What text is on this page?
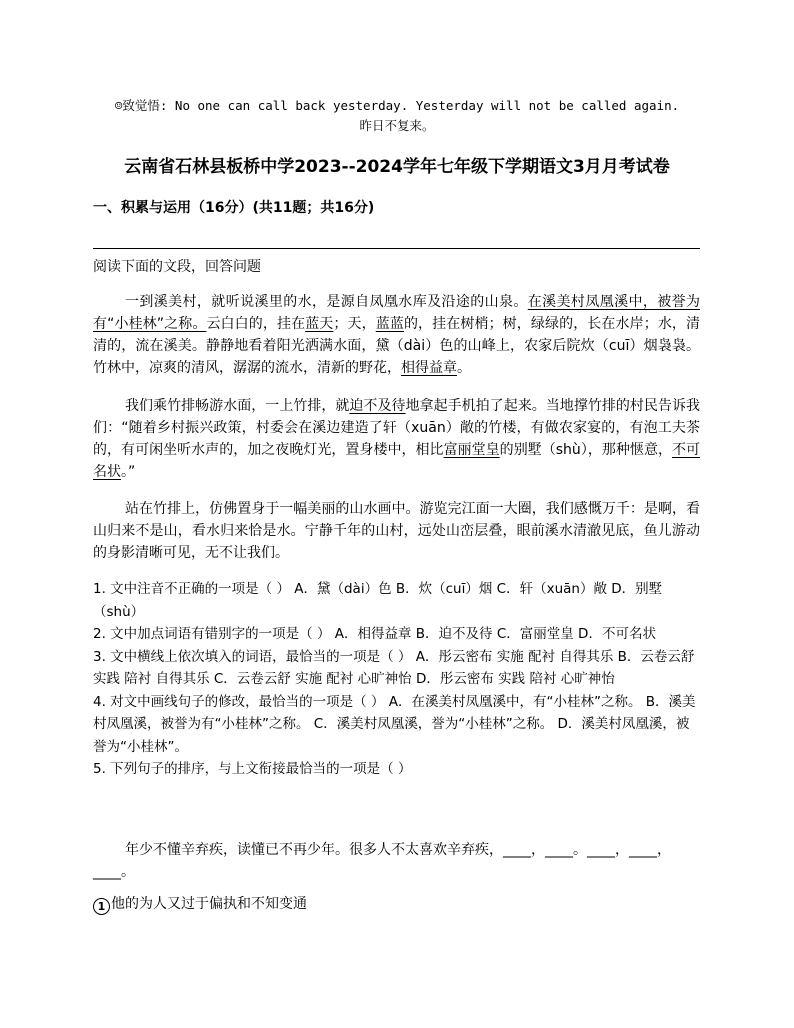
☺致觉悟: No one can call back yesterday. Yesterday will not be called again.昨日不复来。
云南省石林县板桥中学2023--2024学年七年级下学期语文3月月考试卷
一、积累与运用（16分）(共11题；共16分)
阅读下面的文段，回答问题
一到溪美村，就听说溪里的水，是源自凤凰水库及沿途的山泉。在溪美村凤凰溪中，被誉为有“小桂林”之称。云白白的，挂在蓝天；天，蓝蓝的，挂在树梢；树，绿绿的，长在水岸；水，清清的，流在溪美。静静地看着阳光洒满水面，黛（dài）色的山峰上，农家后院炊（cuī）烟袅袅。竹林中，凉爽的清风，潺潺的流水，清新的野花，相得益章。
我们乘竹排畅游水面，一上竹排，就迫不及待地拿起手机拍了起来。当地撑竹排的村民告诉我们：“随着乡村振兴政策，村委会在溪边建造了轩（xuān）敞的竹楼，有做农家宴的，有泡工夫茶的，有可闲坐听水声的，加之夜晚灯光，置身楼中，相比富丽堂皇的别墅（shù），那种惬意，不可名状。”
站在竹排上，仿佛置身于一幅美丽的山水画中。游览完江面一大圈，我们感慨万千：是啊，看山归来不是山，看水归来恰是水。宁静千年的山村，远处山峦层叠，眼前溪水清澈见底，鱼儿游动的身影清晰可见，无不让我们。
1. 文中注音不正确的一项是（ ） A．黛（dài）色 B．炊（cuī）烟 C．轩（xuān）敞 D．别墅（shù）
2. 文中加点词语有错别字的一项是（ ） A．相得益章 B．迫不及待 C．富丽堂皇 D．不可名状
3. 文中横线上依次填入的词语，最恰当的一项是（ ） A．彤云密布 实施 配衬 自得其乐 B．云卷云舒 实践 陪衬 自得其乐 C．云卷云舒 实施 配衬 心旷神怡 D．彤云密布 实践 陪衬 心旷神怡
4. 对文中画线句子的修改，最恰当的一项是（ ） A．在溪美村凤凰溪中，有“小桂林”之称。 B．溪美村凤凰溪，被誉为有“小桂林”之称。 C．溪美村凤凰溪，誉为“小桂林”之称。 D．溪美村凤凰溪，被誉为“小桂林”。
5. 下列句子的排序，与上文衔接最恰当的一项是（ ）
年少不懂辛弃疾，读懂已不再少年。很多人不太喜欢辛弃疾，____，____。____，____，____。
1 他的为人又过于偏执和不知变通
